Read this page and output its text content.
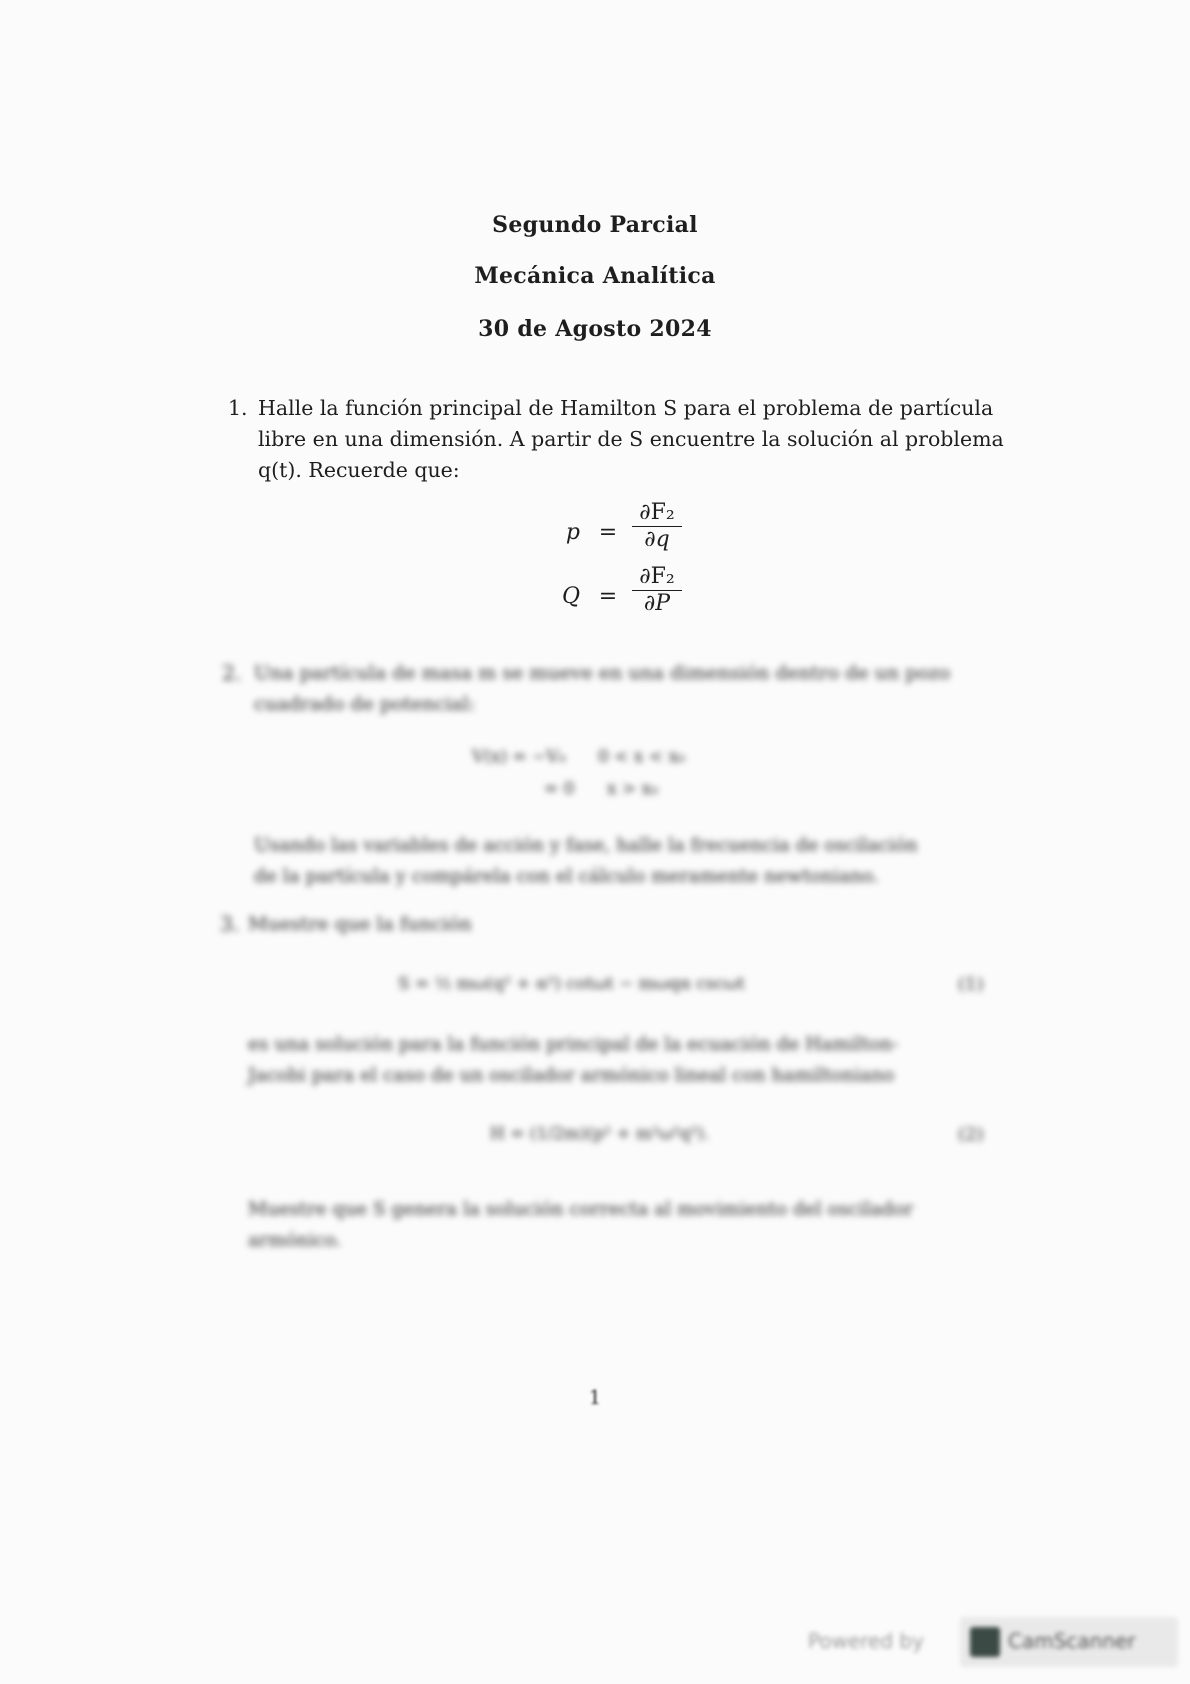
Segundo Parcial
Mecánica Analítica
30 de Agosto 2024
1. Halle la función principal de Hamilton S para el problema de partícula
libre en una dimensión. A partir de S encuentre la solución al problema
q(t). Recuerde que:
$p = \frac{\text{∂F₂}}{\partial q}$
$Q = \frac{\text{∂F₂}}{\partial P}$
2. Una partícula de masa m se mueve en una dimensión dentro de un pozo
cuadrado de potencial:
V(x) = −V₀      0 < x < x₀
= 0      x > x₀
Usando las variables de acción y fase, halle la frecuencia de oscilación
de la partícula y compárela con el cálculo meramente newtoniano.
3. Muestre que la función
S = ½ mω(q² + α²) cotωt − mωqα cscωt	(1)
es una solución para la función principal de la ecuación de Hamilton-
Jacobi para el caso de un oscilador armónico lineal con hamiltoniano
H = (1/2m)(p² + m²ω²q²).	(2)
Muestre que S genera la solución correcta al movimiento del oscilador
armónico.
1
Powered by	CamScanner
